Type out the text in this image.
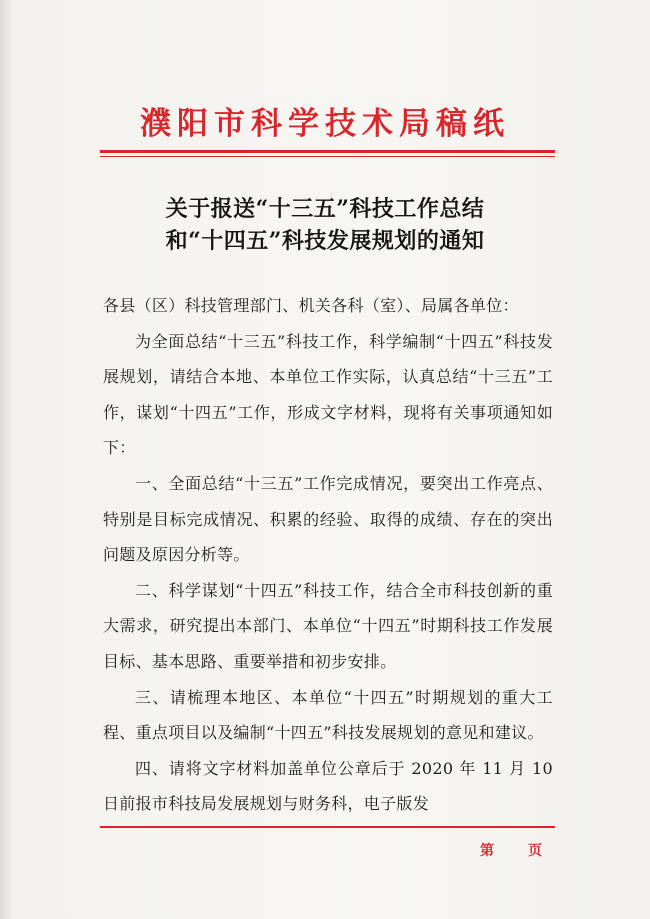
濮阳市科学技术局稿纸
关于报送“十三五”科技工作总结
和“十四五”科技发展规划的通知

各县（区）科技管理部门、机关各科（室）、局属各单位：

为全面总结“十三五”科技工作，科学编制“十四五”科技发展规划，请结合本地、本单位工作实际，认真总结“十三五”工作，谋划“十四五”工作，形成文字材料，现将有关事项通知如下：

一、全面总结“十三五”工作完成情况，要突出工作亮点、特别是目标完成情况、积累的经验、取得的成绩、存在的突出问题及原因分析等。

二、科学谋划“十四五”科技工作，结合全市科技创新的重大需求，研究提出本部门、本单位“十四五”时期科技工作发展目标、基本思路、重要举措和初步安排。

三、请梳理本地区、本单位“十四五”时期规划的重大工程、重点项目以及编制“十四五”科技发展规划的意见和建议。

四、请将文字材料加盖单位公章后于 2020 年 11 月 10 日前报市科技局发展规划与财务科，电子版发

第 页
